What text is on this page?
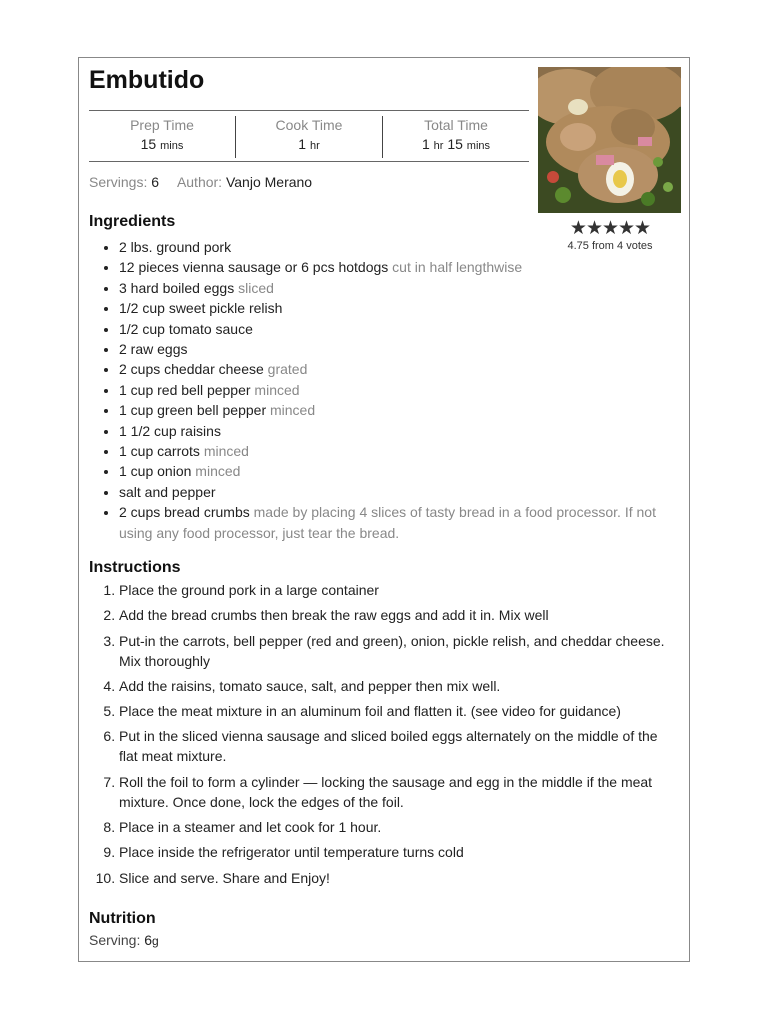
Embutido
Prep Time
15 mins
Cook Time
1 hr
Total Time
1 hr 15 mins
Servings: 6 Author: Vanjo Merano
★★★★★
4.75 from 4 votes
Ingredients
• 2 lbs. ground pork
• 12 pieces vienna sausage or 6 pcs hotdogs cut in half lengthwise
• 3 hard boiled eggs sliced
• 1/2 cup sweet pickle relish
• 1/2 cup tomato sauce
• 2 raw eggs
• 2 cups cheddar cheese grated
• 1 cup red bell pepper minced
• 1 cup green bell pepper minced
• 1 1/2 cup raisins
• 1 cup carrots minced
• 1 cup onion minced
• salt and pepper
• 2 cups bread crumbs made by placing 4 slices of tasty bread in a food processor. If not using any food processor, just tear the bread.
Instructions
1. Place the ground pork in a large container
2. Add the bread crumbs then break the raw eggs and add it in. Mix well
3. Put-in the carrots, bell pepper (red and green), onion, pickle relish, and cheddar cheese. Mix thoroughly
4. Add the raisins, tomato sauce, salt, and pepper then mix well.
5. Place the meat mixture in an aluminum foil and flatten it. (see video for guidance)
6. Put in the sliced vienna sausage and sliced boiled eggs alternately on the middle of the flat meat mixture.
7. Roll the foil to form a cylinder — locking the sausage and egg in the middle if the meat mixture. Once done, lock the edges of the foil.
8. Place in a steamer and let cook for 1 hour.
9. Place inside the refrigerator until temperature turns cold
10. Slice and serve. Share and Enjoy!
Nutrition
Serving: 6g
